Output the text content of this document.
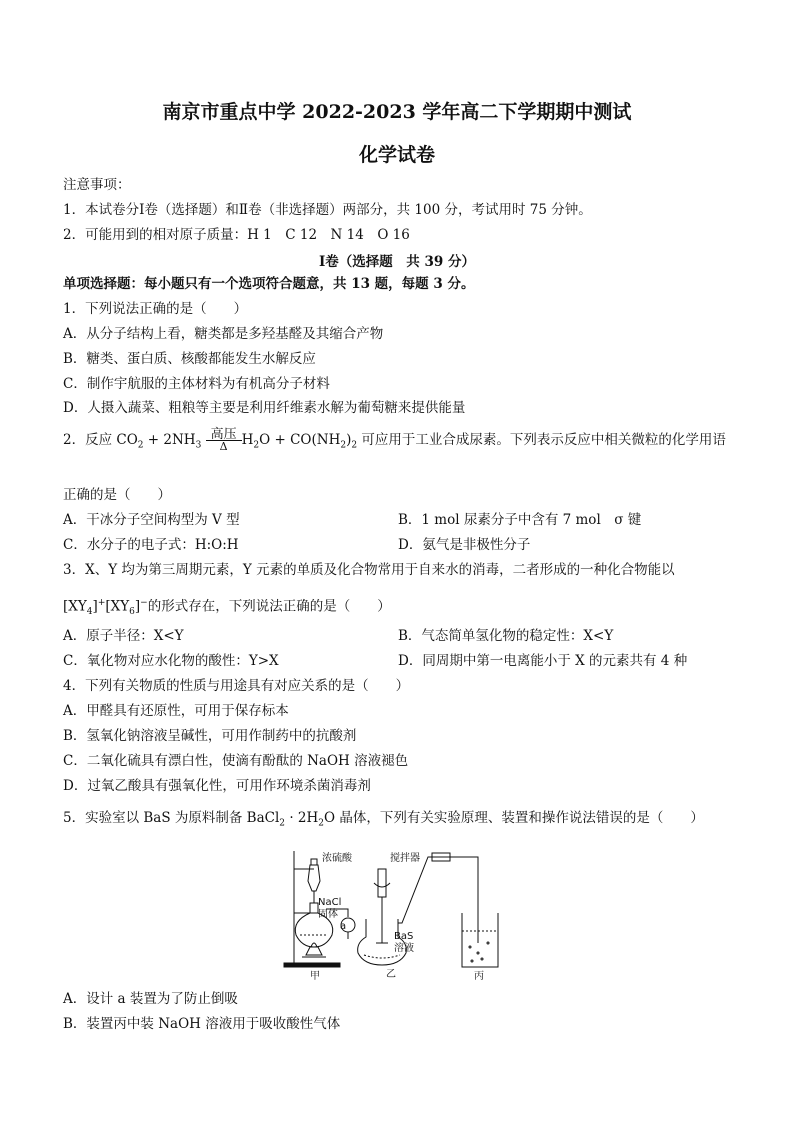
南京市重点中学 2022-2023 学年高二下学期期中测试
化学试卷
注意事项：
1．本试卷分Ⅰ卷（选择题）和Ⅱ卷（非选择题）两部分，共 100 分，考试用时 75 分钟。
2．可能用到的相对原子质量：H 1　C 12　N 14　O 16
Ⅰ卷（选择题　共 39 分）
单项选择题：每小题只有一个选项符合题意，共 13 题，每题 3 分。
1．下列说法正确的是（　　）
A．从分子结构上看，糖类都是多羟基醛及其缩合产物
B．糖类、蛋白质、核酸都能发生水解反应
C．制作宇航服的主体材料为有机高分子材料
D．人摄入蔬菜、粗粮等主要是利用纤维素水解为葡萄糖来提供能量
2．反应 $CO_2 + 2NH_3$
高压
Δ	$H_2O + CO(NH_2)_2$ 可应用于工业合成尿素。下列表示反应中相关微粒的化学用语
正确的是（　　）
A．干冰分子空间构型为 V 型	B．1 mol 尿素分子中含有 7 mol　σ 键
C．水分子的电子式：H:O:H	D．氨气是非极性分子
3．X、Y 均为第三周期元素，Y 元素的单质及化合物常用于自来水的消毒，二者形成的一种化合物能以
$[XY_4]^+[XY_6]^-$的形式存在，下列说法正确的是（　　）
A．原子半径：X<Y	B．气态简单氢化物的稳定性：X<Y
C．氧化物对应水化物的酸性：Y>X	D．同周期中第一电离能小于 X 的元素共有 4 种
4．下列有关物质的性质与用途具有对应关系的是（　　）
A．甲醛具有还原性，可用于保存标本
B．氢氧化钠溶液呈碱性，可用作制药中的抗酸剂
C．二氧化硫具有漂白性，使滴有酚酞的 NaOH 溶液褪色
D．过氧乙酸具有强氧化性，可用作环境杀菌消毒剂
5．实验室以 BaS 为原料制备 BaCl$_2$ · $2H_2O$ 晶体，下列有关实验原理、装置和操作说法错误的是（　　）
浓硫酸	搅拌器
NaCl
固体
a
BaS
溶液
甲	乙	丙
A．设计 a 装置为了防止倒吸
B．装置丙中装 NaOH 溶液用于吸收酸性气体
